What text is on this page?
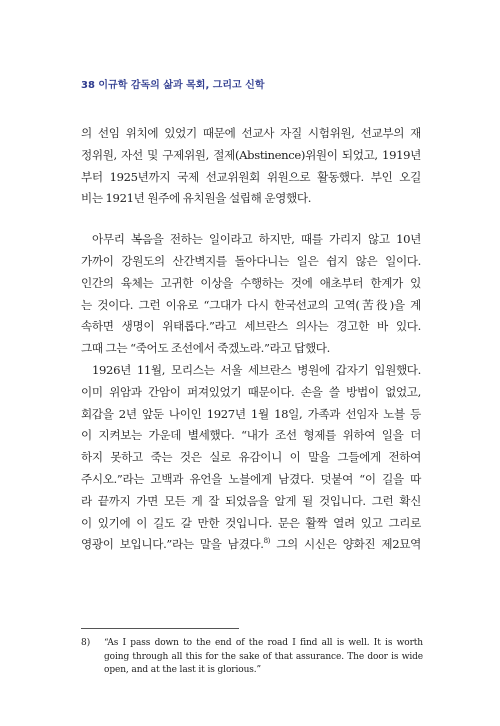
38 이규학 감독의 삶과 목회, 그리고 신학
의 선임 위치에 있었기 때문에 선교사 자질 시험위원, 선교부의 재
정위원, 자선 및 구제위원, 절제(Abstinence)위원이 되었고, 1919년
부터 1925년까지 국제 선교위원회 위원으로 활동했다. 부인 오길
비는 1921년 원주에 유치원을 설립해 운영했다.
아무리 복음을 전하는 일이라고 하지만, 때를 가리지 않고 10년
가까이 강원도의 산간벽지를 돌아다니는 일은 쉽지 않은 일이다.
인간의 육체는 고귀한 이상을 수행하는 것에 애초부터 한계가 있
는 것이다. 그런 이유로 “그대가 다시 한국선교의 고역(苦役)을 계
속하면 생명이 위태롭다.”라고 세브란스 의사는 경고한 바 있다.
그때 그는 “죽어도 조선에서 죽겠노라.”라고 답했다.
1926년 11월, 모리스는 서울 세브란스 병원에 갑자기 입원했다.
이미 위암과 간암이 퍼져있었기 때문이다. 손을 쓸 방법이 없었고,
회갑을 2년 앞둔 나이인 1927년 1월 18일, 가족과 선임자 노블 등
이 지켜보는 가운데 별세했다. “내가 조선 형제를 위하여 일을 더
하지 못하고 죽는 것은 실로 유감이니 이 말을 그들에게 전하여
주시오.”라는 고백과 유언을 노블에게 남겼다. 덧붙여 “이 길을 따
라 끝까지 가면 모든 게 잘 되었음을 알게 될 것입니다. 그런 확신
이 있기에 이 길도 갈 만한 것입니다. 문은 활짝 열려 있고 그리로
영광이 보입니다.”라는 말을 남겼다.$^{8)}$ 그의 시신은 양화진 제2묘역
8)	“As I pass down to the end of the road I find all is well. It is worth going through all this for the sake of that assurance. The door is wide open, and at the last it is glorious.”
